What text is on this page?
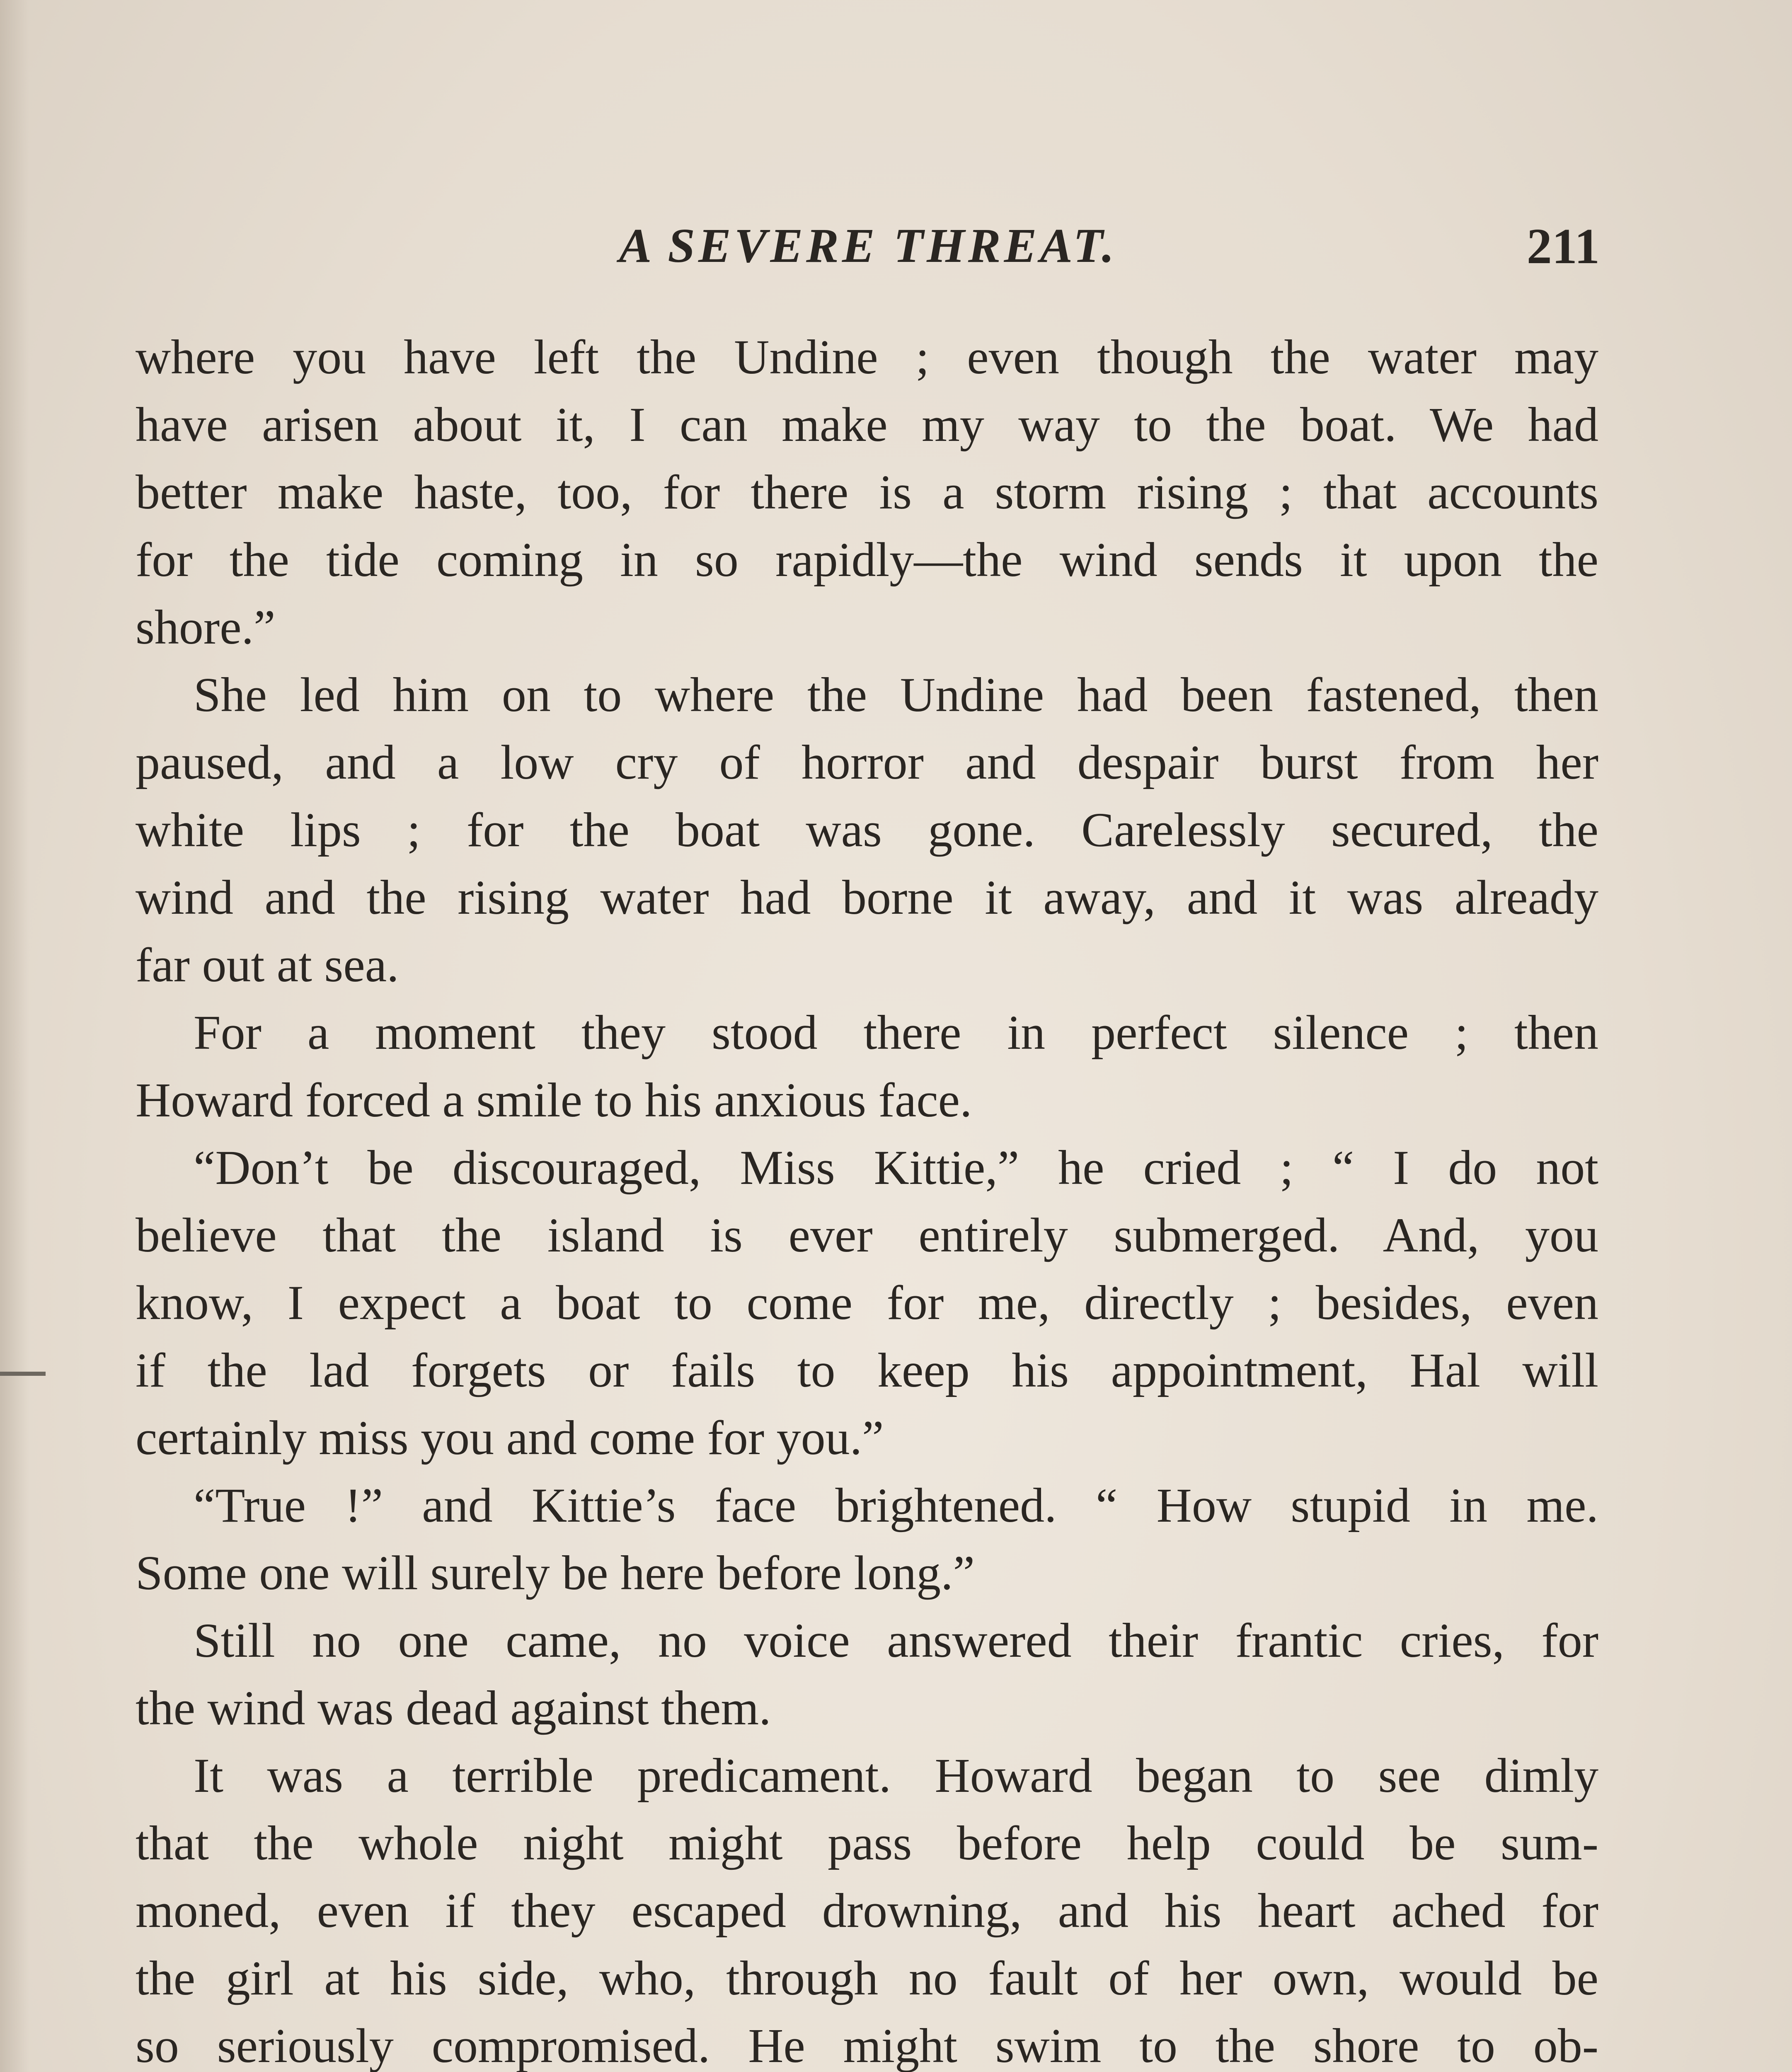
A SEVERE THREAT.	211
where you have left the Undine ; even though the water may
have arisen about it, I can make my way to the boat. We had
better make haste, too, for there is a storm rising ; that accounts
for the tide coming in so rapidly—the wind sends it upon the
shore.”
She led him on to where the Undine had been fastened, then
paused, and a low cry of horror and despair burst from her
white lips ; for the boat was gone. Carelessly secured, the
wind and the rising water had borne it away, and it was already
far out at sea.
For a moment they stood there in perfect silence ; then
Howard forced a smile to his anxious face.
“Don’t be discouraged, Miss Kittie,” he cried ; “ I do not
believe that the island is ever entirely submerged. And, you
know, I expect a boat to come for me, directly ; besides, even
if the lad forgets or fails to keep his appointment, Hal will
certainly miss you and come for you.”
“True !” and Kittie’s face brightened. “ How stupid in me.
Some one will surely be here before long.”
Still no one came, no voice answered their frantic cries, for
the wind was dead against them.
It was a terrible predicament. Howard began to see dimly
that the whole night might pass before help could be sum-
moned, even if they escaped drowning, and his heart ached for
the girl at his side, who, through no fault of her own, would be
so seriously compromised. He might swim to the shore to ob-
